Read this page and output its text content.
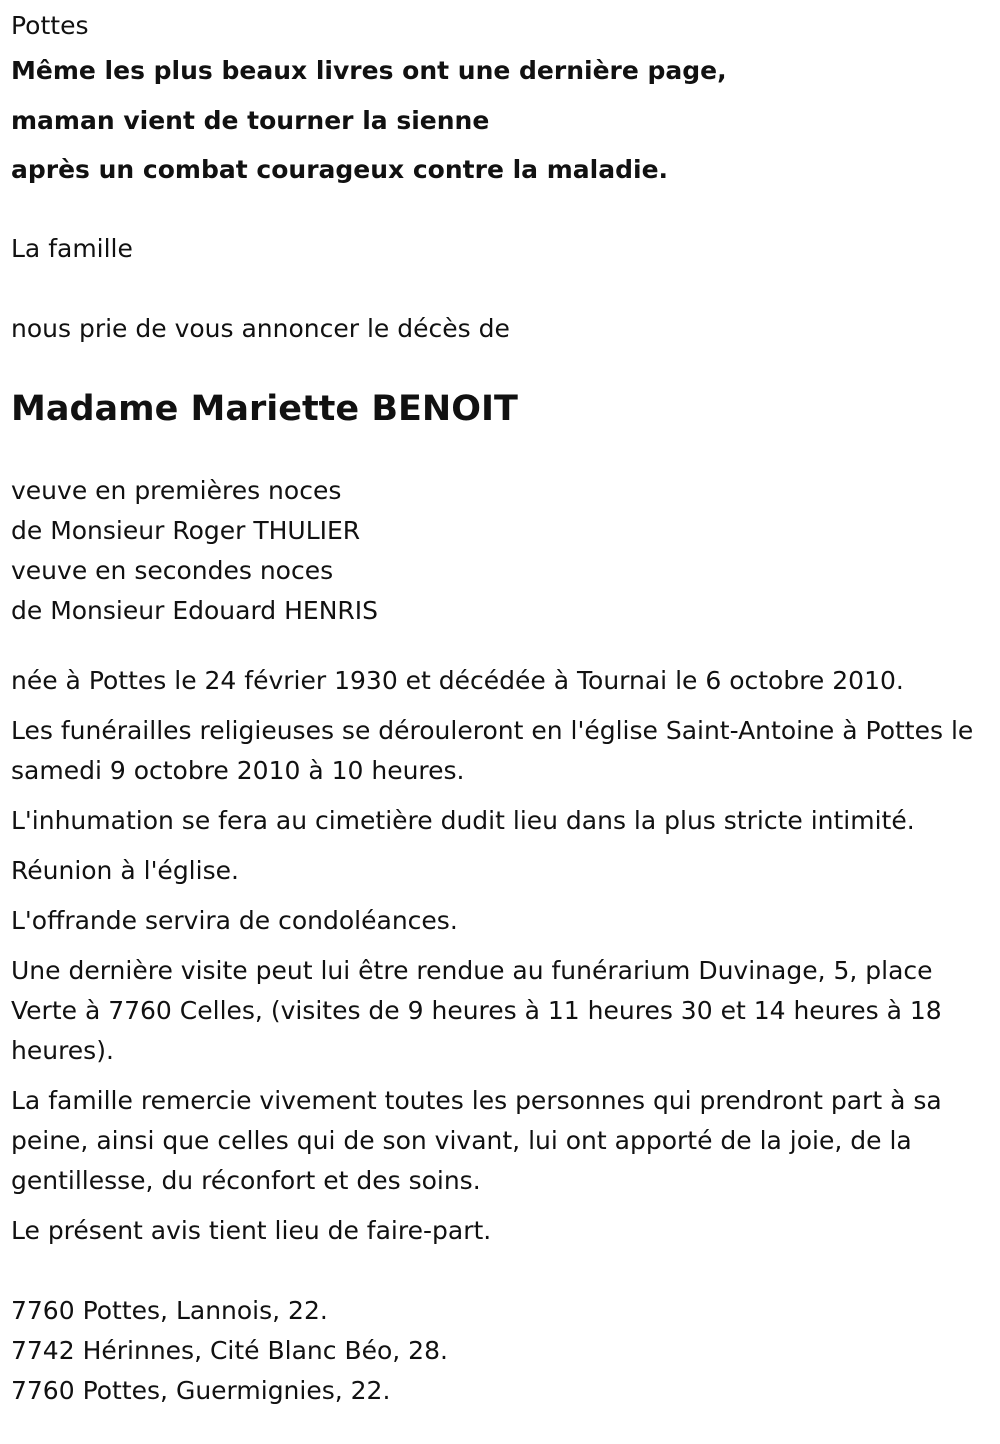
Pottes
Même les plus beaux livres ont une dernière page,
maman vient de tourner la sienne
après un combat courageux contre la maladie.
La famille
nous prie de vous annoncer le décès de
Madame Mariette BENOIT
veuve en premières noces
de Monsieur Roger THULIER
veuve en secondes noces
de Monsieur Edouard HENRIS
née à Pottes le 24 février 1930 et décédée à Tournai le 6 octobre 2010.
Les funérailles religieuses se dérouleront en l'église Saint-Antoine à Pottes le samedi 9 octobre 2010 à 10 heures.
L'inhumation se fera au cimetière dudit lieu dans la plus stricte intimité.
Réunion à l'église.
L'offrande servira de condoléances.
Une dernière visite peut lui être rendue au funérarium Duvinage, 5, place Verte à 7760 Celles, (visites de 9 heures à 11 heures 30 et 14 heures à 18 heures).
La famille remercie vivement toutes les personnes qui prendront part à sa peine, ainsi que celles qui de son vivant, lui ont apporté de la joie, de la gentillesse, du réconfort et des soins.
Le présent avis tient lieu de faire-part.
7760 Pottes, Lannois, 22.
7742 Hérinnes, Cité Blanc Béo, 28.
7760 Pottes, Guermignies, 22.
